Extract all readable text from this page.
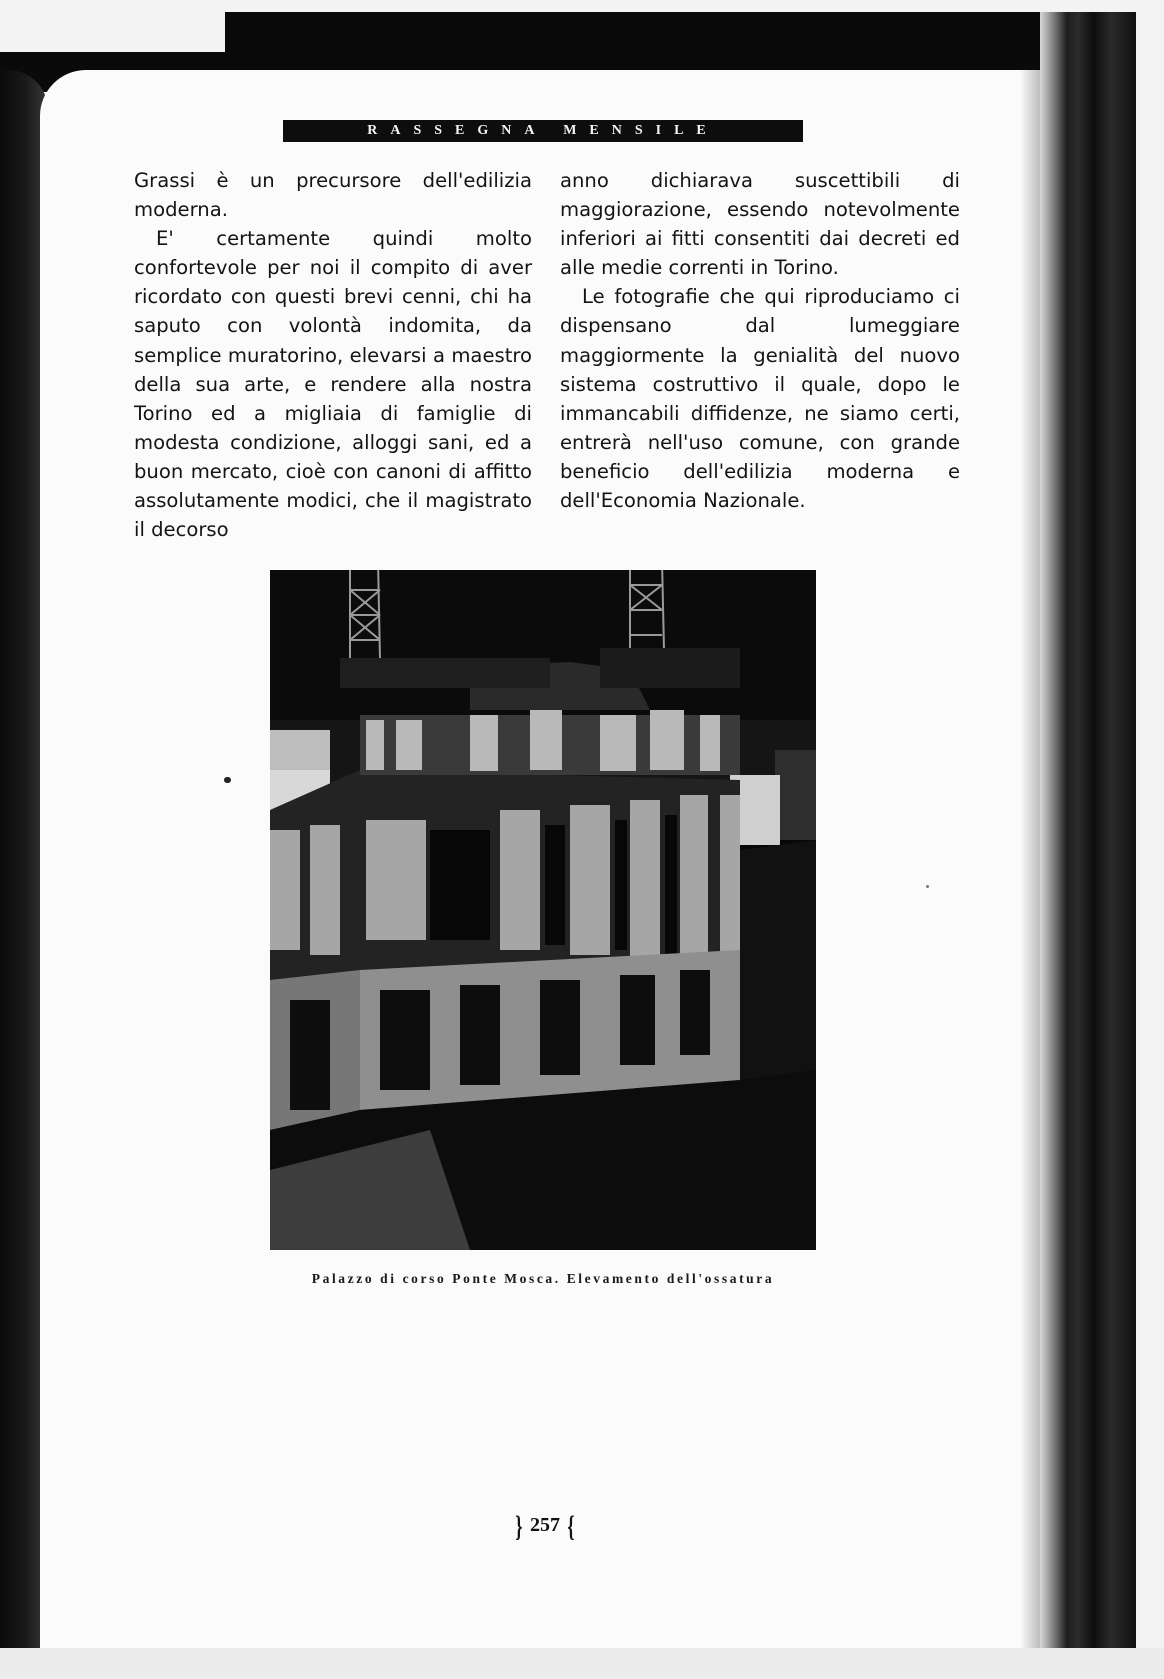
RASSEGNA MENSILE

Grassi è un precursore dell'edilizia moderna.

E' certamente quindi molto confortevole per noi il compito di aver ricordato con questi brevi cenni, chi ha saputo con volontà indomita, da semplice muratorino, elevarsi a maestro della sua arte, e rendere alla nostra Torino ed a migliaia di famiglie di modesta condizione, alloggi sani, ed a buon mercato, cioè con canoni di affitto assolutamente modici, che il magistrato il decorso

anno dichiarava suscettibili di maggiorazione, essendo notevolmente inferiori ai fitti consentiti dai decreti ed alle medie correnti in Torino.

Le fotografie che qui riproduciamo ci dispensano dal lumeggiare maggiormente la genialità del nuovo sistema costruttivo il quale, dopo le immancabili diffidenze, ne siamo certi, entrerà nell'uso comune, con grande beneficio dell'edilizia moderna e dell'Economia Nazionale.

Palazzo di corso Ponte Mosca. Elevamento dell'ossatura
} 257 {
